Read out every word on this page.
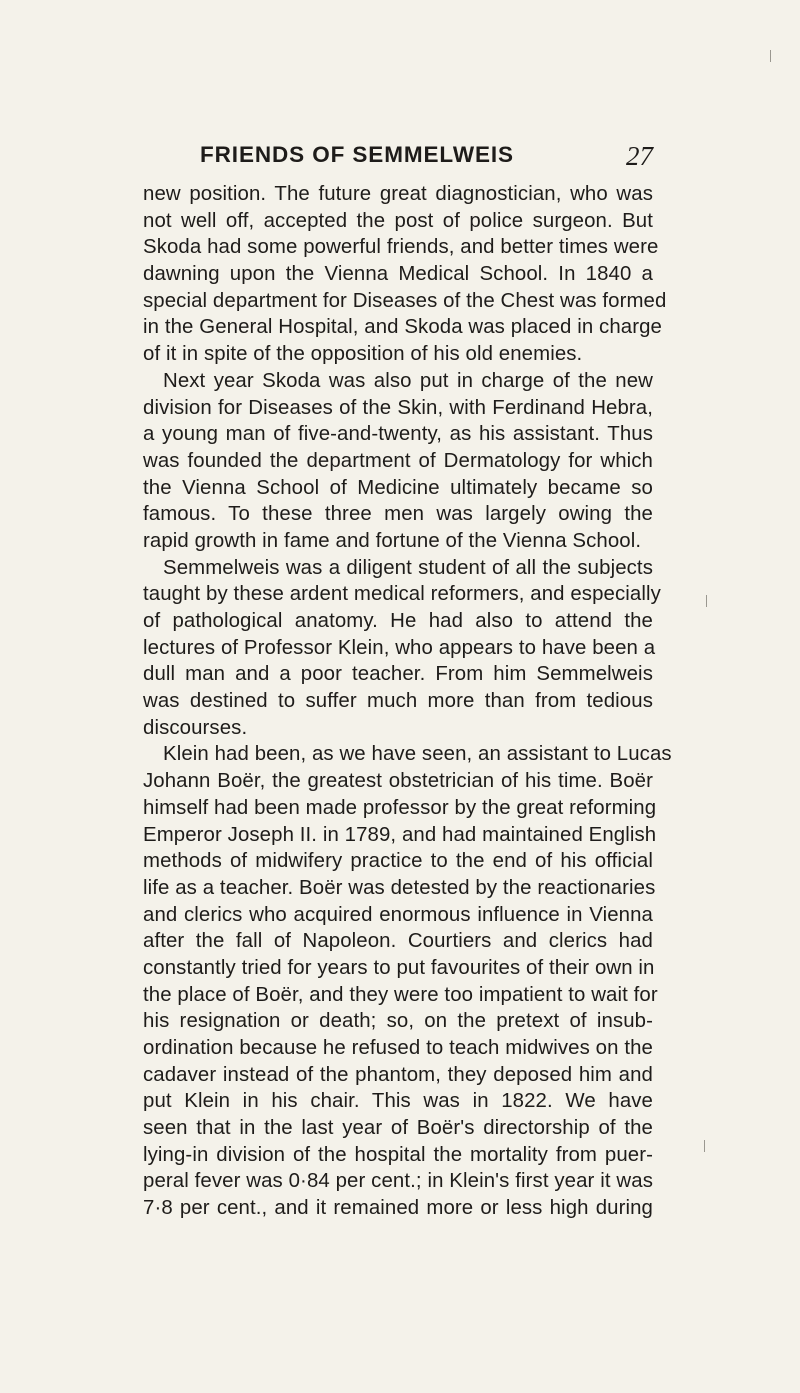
FRIENDS OF SEMMELWEIS	27
new position. The future great diagnostician, who was
not well off, accepted the post of police surgeon. But
Skoda had some powerful friends, and better times were
dawning upon the Vienna Medical School. In 1840 a
special department for Diseases of the Chest was formed
in the General Hospital, and Skoda was placed in charge
of it in spite of the opposition of his old enemies.
Next year Skoda was also put in charge of the new
division for Diseases of the Skin, with Ferdinand Hebra,
a young man of five-and-twenty, as his assistant. Thus
was founded the department of Dermatology for which
the Vienna School of Medicine ultimately became so
famous. To these three men was largely owing the
rapid growth in fame and fortune of the Vienna School.
Semmelweis was a diligent student of all the subjects
taught by these ardent medical reformers, and especially
of pathological anatomy. He had also to attend the
lectures of Professor Klein, who appears to have been a
dull man and a poor teacher. From him Semmelweis
was destined to suffer much more than from tedious
discourses.
Klein had been, as we have seen, an assistant to Lucas
Johann Boër, the greatest obstetrician of his time. Boër
himself had been made professor by the great reforming
Emperor Joseph II. in 1789, and had maintained English
methods of midwifery practice to the end of his official
life as a teacher. Boër was detested by the reactionaries
and clerics who acquired enormous influence in Vienna
after the fall of Napoleon. Courtiers and clerics had
constantly tried for years to put favourites of their own in
the place of Boër, and they were too impatient to wait for
his resignation or death; so, on the pretext of insub-
ordination because he refused to teach midwives on the
cadaver instead of the phantom, they deposed him and
put Klein in his chair. This was in 1822. We have
seen that in the last year of Boër's directorship of the
lying-in division of the hospital the mortality from puer-
peral fever was 0·84 per cent.; in Klein's first year it was
7·8 per cent., and it remained more or less high during
